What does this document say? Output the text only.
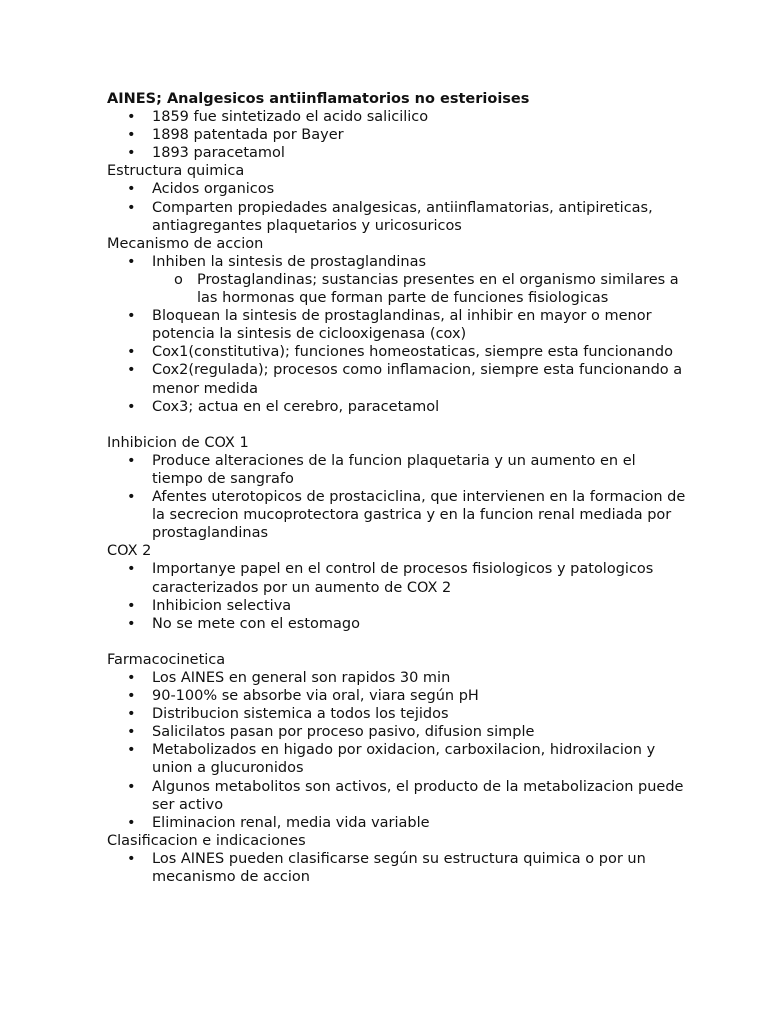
AINES; Analgesicos antiinflamatorios no esterioises

• 1859 fue sintetizado el acido salicilico
• 1898 patentada por Bayer
• 1893 paracetamol

Estructura quimica

• Acidos organicos
• Comparten propiedades analgesicas, antiinflamatorias, antipireticas, antiagregantes plaquetarios y uricosuricos

Mecanismo de accion

• Inhiben la sintesis de prostaglandinas
o Prostaglandinas; sustancias presentes en el organismo similares a las hormonas que forman parte de funciones fisiologicas
• Bloquean la sintesis de prostaglandinas, al inhibir en mayor o menor potencia la sintesis de ciclooxigenasa (cox)
• Cox1(constitutiva); funciones homeostaticas, siempre esta funcionando
• Cox2(regulada); procesos como inflamacion, siempre esta funcionando a menor medida
• Cox3; actua en el cerebro, paracetamol

Inhibicion de COX 1

• Produce alteraciones de la funcion plaquetaria y un aumento en el tiempo de sangrafo
• Afentes uterotopicos de prostaciclina, que intervienen en la formacion de la secrecion mucoprotectora gastrica y en la funcion renal mediada por prostaglandinas

COX 2

• Importanye papel en el control de procesos fisiologicos y patologicos caracterizados por un aumento de COX 2
• Inhibicion selectiva
• No se mete con el estomago

Farmacocinetica

• Los AINES en general son rapidos 30 min
• 90-100% se absorbe via oral, viara según pH
• Distribucion sistemica a todos los tejidos
• Salicilatos pasan por proceso pasivo, difusion simple
• Metabolizados en higado por oxidacion, carboxilacion, hidroxilacion y union a glucuronidos
• Algunos metabolitos son activos, el producto de la metabolizacion puede ser activo
• Eliminacion renal, media vida variable

Clasificacion e indicaciones

• Los AINES pueden clasificarse según su estructura quimica o por un mecanismo de accion
